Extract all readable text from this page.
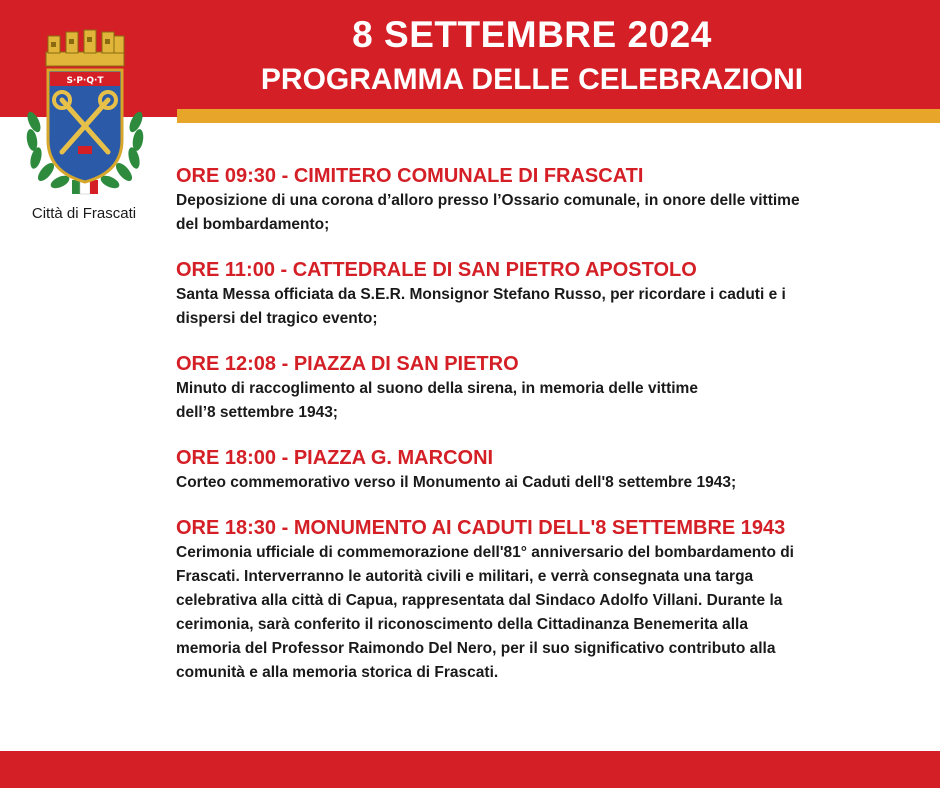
8 SETTEMBRE 2024
PROGRAMMA DELLE CELEBRAZIONI
S·P·Q·T
Città di Frascati
ORE 09:30 - CIMITERO COMUNALE DI FRASCATI
Deposizione di una corona d’alloro presso l’Ossario comunale, in onore delle vittime
del bombardamento;
ORE 11:00 - CATTEDRALE DI SAN PIETRO APOSTOLO
Santa Messa officiata da S.E.R. Monsignor Stefano Russo, per ricordare i caduti e i
dispersi del tragico evento;
ORE 12:08 - PIAZZA DI SAN PIETRO
Minuto di raccoglimento al suono della sirena, in memoria delle vittime
dell’8 settembre 1943;
ORE 18:00 - PIAZZA G. MARCONI
Corteo commemorativo verso il Monumento ai Caduti dell'8 settembre 1943;
ORE 18:30 - MONUMENTO AI CADUTI DELL'8 SETTEMBRE 1943
Cerimonia ufficiale di commemorazione dell'81° anniversario del bombardamento di
Frascati. Interverranno le autorità civili e militari, e verrà consegnata una targa
celebrativa alla città di Capua, rappresentata dal Sindaco Adolfo Villani. Durante la
cerimonia, sarà conferito il riconoscimento della Cittadinanza Benemerita alla
memoria del Professor Raimondo Del Nero, per il suo significativo contributo alla
comunità e alla memoria storica di Frascati.
